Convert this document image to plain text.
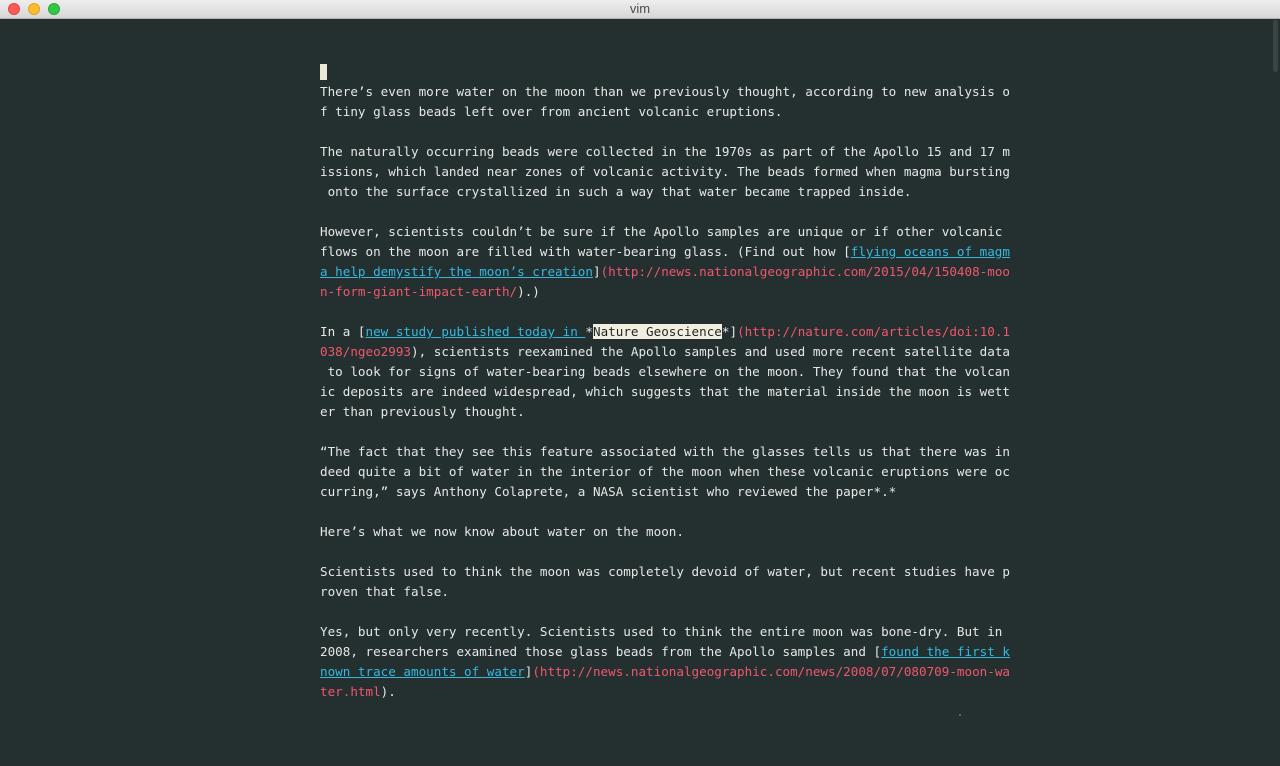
vim
There’s even more water on the moon than we previously thought, according to new analysis o
f tiny glass beads left over from ancient volcanic eruptions.
The naturally occurring beads were collected in the 1970s as part of the Apollo 15 and 17 m
issions, which landed near zones of volcanic activity. The beads formed when magma bursting
onto the surface crystallized in such a way that water became trapped inside.
However, scientists couldn’t be sure if the Apollo samples are unique or if other volcanic
flows on the moon are filled with water-bearing glass. (Find out how [flying oceans of magm
a help demystify the moon’s creation](http://news.nationalgeographic.com/2015/04/150408-moo
n-form-giant-impact-earth/).)
In a [new study published today in *Nature Geoscience*](http://nature.com/articles/doi:10.1
038/ngeo2993), scientists reexamined the Apollo samples and used more recent satellite data
to look for signs of water-bearing beads elsewhere on the moon. They found that the volcan
ic deposits are indeed widespread, which suggests that the material inside the moon is wett
er than previously thought.
“The fact that they see this feature associated with the glasses tells us that there was in
deed quite a bit of water in the interior of the moon when these volcanic eruptions were oc
curring,” says Anthony Colaprete, a NASA scientist who reviewed the paper*.*
Here’s what we now know about water on the moon.
Scientists used to think the moon was completely devoid of water, but recent studies have p
roven that false.
Yes, but only very recently. Scientists used to think the entire moon was bone-dry. But in
2008, researchers examined those glass beads from the Apollo samples and [found the first k
nown trace amounts of water](http://news.nationalgeographic.com/news/2008/07/080709-moon-wa
ter.html).
